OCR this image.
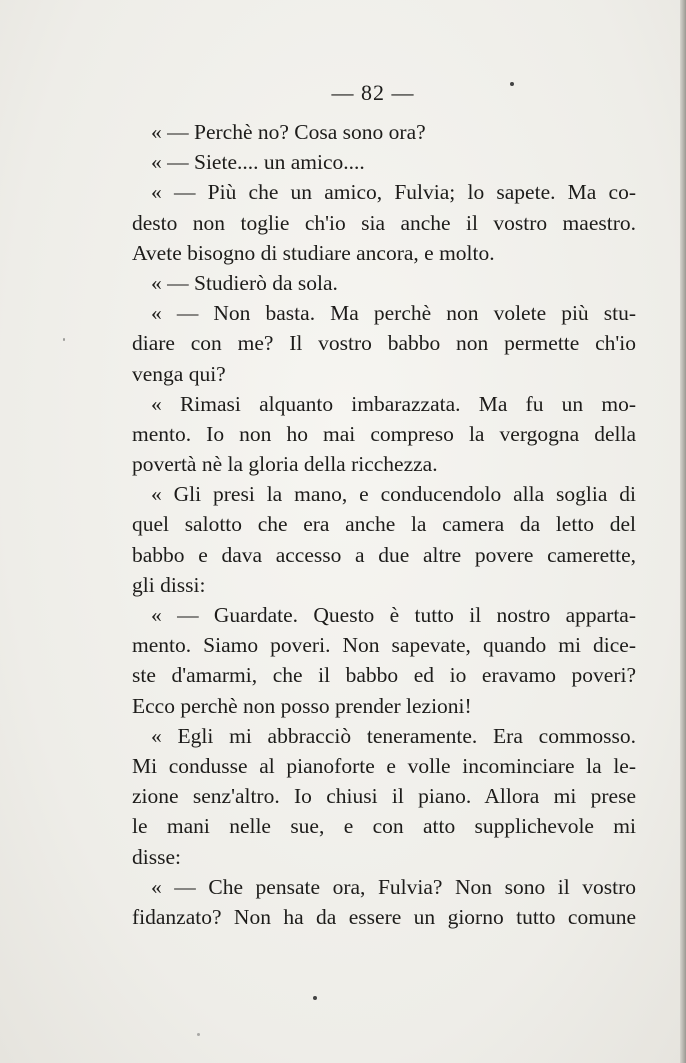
— 82 —
« — Perchè no? Cosa sono ora?
« — Siete.... un amico....
« — Più che un amico, Fulvia; lo sapete. Ma co-
desto non toglie ch'io sia anche il vostro maestro.
Avete bisogno di studiare ancora, e molto.
« — Studierò da sola.
« — Non basta. Ma perchè non volete più stu-
diare con me? Il vostro babbo non permette ch'io
venga qui?
« Rimasi alquanto imbarazzata. Ma fu un mo-
mento. Io non ho mai compreso la vergogna della
povertà nè la gloria della ricchezza.
« Gli presi la mano, e conducendolo alla soglia di
quel salotto che era anche la camera da letto del
babbo e dava accesso a due altre povere camerette,
gli dissi:
« — Guardate. Questo è tutto il nostro apparta-
mento. Siamo poveri. Non sapevate, quando mi dice-
ste d'amarmi, che il babbo ed io eravamo poveri?
Ecco perchè non posso prender lezioni!
« Egli mi abbracciò teneramente. Era commosso.
Mi condusse al pianoforte e volle incominciare la le-
zione senz'altro. Io chiusi il piano. Allora mi prese
le mani nelle sue, e con atto supplichevole mi
disse:
« — Che pensate ora, Fulvia? Non sono il vostro
fidanzato? Non ha da essere un giorno tutto comune
